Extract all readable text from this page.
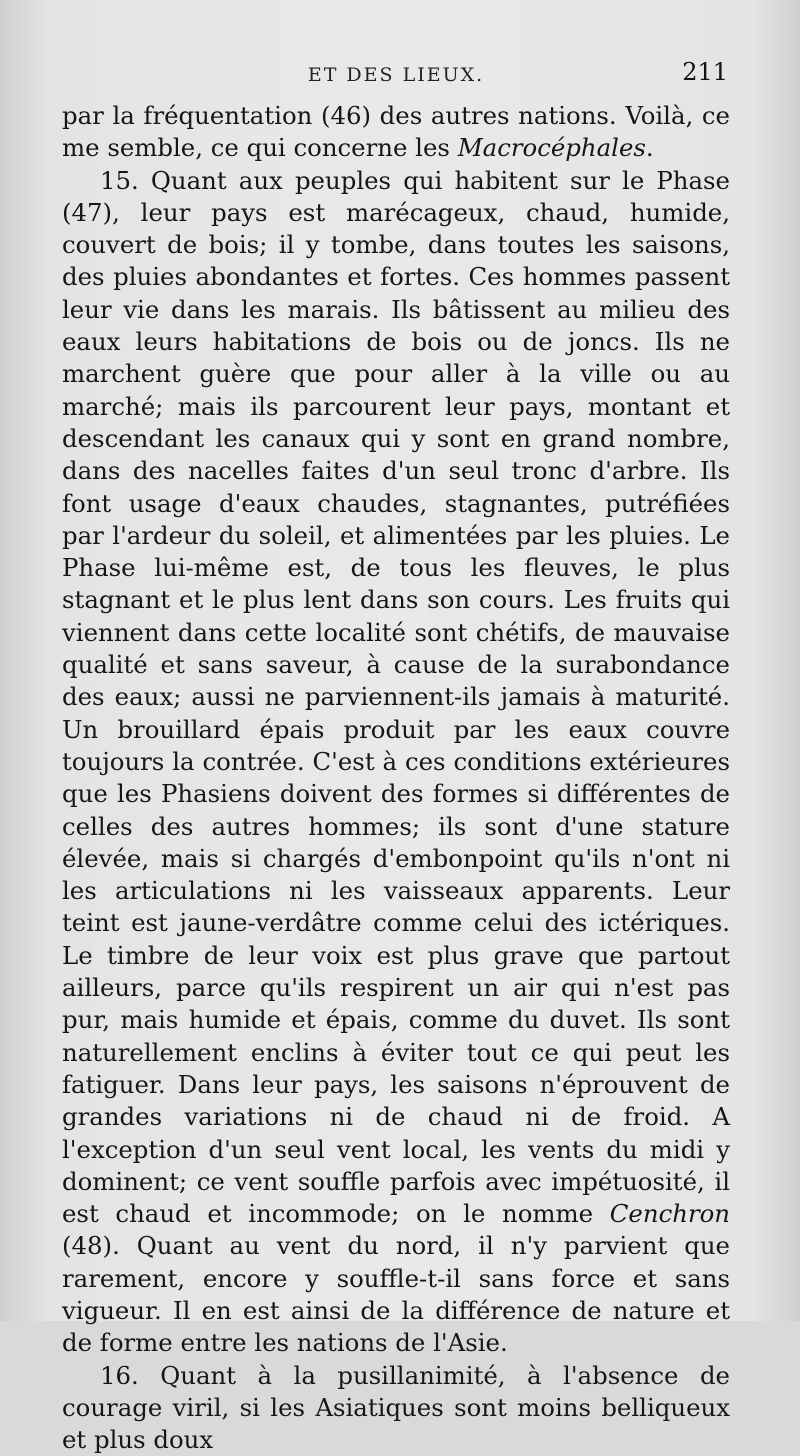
ET DES LIEUX.	211

par la fréquentation (46) des autres nations. Voilà, ce me semble, ce qui concerne les Macrocéphales.

15. Quant aux peuples qui habitent sur le Phase (47), leur pays est marécageux, chaud, humide, couvert de bois; il y tombe, dans toutes les saisons, des pluies abondantes et fortes. Ces hommes passent leur vie dans les marais. Ils bâtissent au milieu des eaux leurs habitations de bois ou de joncs. Ils ne marchent guère que pour aller à la ville ou au marché; mais ils parcourent leur pays, montant et descendant les canaux qui y sont en grand nombre, dans des nacelles faites d'un seul tronc d'arbre. Ils font usage d'eaux chaudes, stagnantes, putréfiées par l'ardeur du soleil, et alimentées par les pluies. Le Phase lui-même est, de tous les fleuves, le plus stagnant et le plus lent dans son cours. Les fruits qui viennent dans cette localité sont chétifs, de mauvaise qualité et sans saveur, à cause de la surabondance des eaux; aussi ne parviennent-ils jamais à maturité. Un brouillard épais produit par les eaux couvre toujours la contrée. C'est à ces conditions extérieures que les Phasiens doivent des formes si différentes de celles des autres hommes; ils sont d'une stature élevée, mais si chargés d'embonpoint qu'ils n'ont ni les articulations ni les vaisseaux apparents. Leur teint est jaune-verdâtre comme celui des ictériques. Le timbre de leur voix est plus grave que partout ailleurs, parce qu'ils respirent un air qui n'est pas pur, mais humide et épais, comme du duvet. Ils sont naturellement enclins à éviter tout ce qui peut les fatiguer. Dans leur pays, les saisons n'éprouvent de grandes variations ni de chaud ni de froid. A l'exception d'un seul vent local, les vents du midi y dominent; ce vent souffle parfois avec impétuosité, il est chaud et incommode; on le nomme Cenchron (48). Quant au vent du nord, il n'y parvient que rarement, encore y souffle-t-il sans force et sans vigueur. Il en est ainsi de la différence de nature et de forme entre les nations de l'Asie.

16. Quant à la pusillanimité, à l'absence de courage viril, si les Asiatiques sont moins belliqueux et plus doux
